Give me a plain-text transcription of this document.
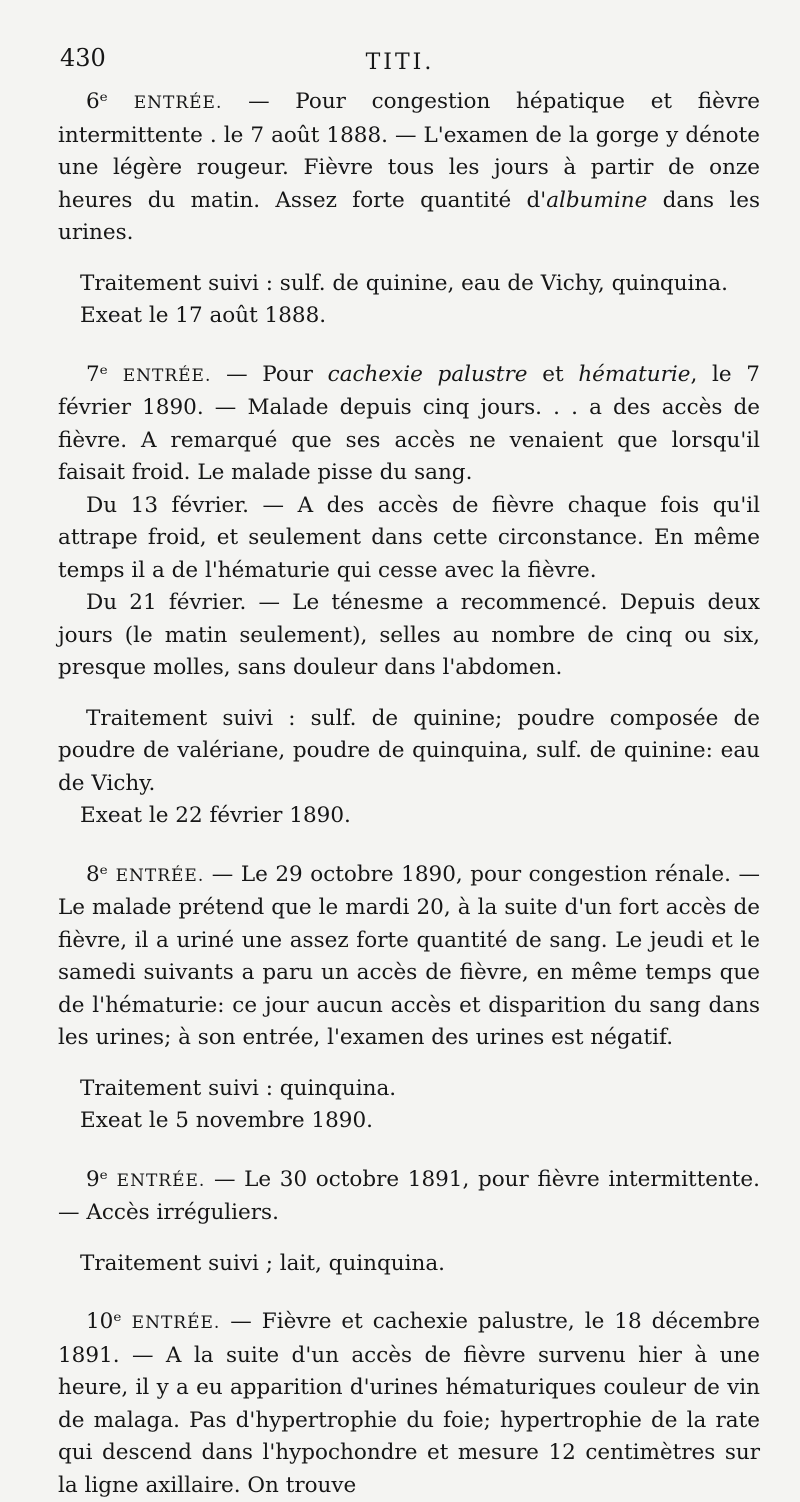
430	TITI.

6ᵉ ENTRÉE. — Pour congestion hépatique et fièvre intermittente . le 7 août 1888. — L'examen de la gorge y dénote une légère rougeur. Fièvre tous les jours à partir de onze heures du matin. Assez forte quantité d'albumine dans les urines.

Traitement suivi : sulf. de quinine, eau de Vichy, quinquina.

Exeat le 17 août 1888.

7ᵉ ENTRÉE. — Pour cachexie palustre et hématurie, le 7 février 1890. — Malade depuis cinq jours. . . a des accès de fièvre. A remarqué que ses accès ne venaient que lorsqu'il faisait froid. Le malade pisse du sang.

Du 13 février. — A des accès de fièvre chaque fois qu'il attrape froid, et seulement dans cette circonstance. En même temps il a de l'hématurie qui cesse avec la fièvre.

Du 21 février. — Le ténesme a recommencé. Depuis deux jours (le matin seulement), selles au nombre de cinq ou six, presque molles, sans douleur dans l'abdomen.

Traitement suivi : sulf. de quinine; poudre composée de poudre de valériane, poudre de quinquina, sulf. de quinine: eau de Vichy.

Exeat le 22 février 1890.

8ᵉ ENTRÉE. — Le 29 octobre 1890, pour congestion rénale. — Le malade prétend que le mardi 20, à la suite d'un fort accès de fièvre, il a uriné une assez forte quantité de sang. Le jeudi et le samedi suivants a paru un accès de fièvre, en même temps que de l'hématurie: ce jour aucun accès et disparition du sang dans les urines; à son entrée, l'examen des urines est négatif.

Traitement suivi : quinquina.

Exeat le 5 novembre 1890.

9ᵉ ENTRÉE. — Le 30 octobre 1891, pour fièvre intermittente. — Accès irréguliers.

Traitement suivi ; lait, quinquina.

10ᵉ ENTRÉE. — Fièvre et cachexie palustre, le 18 décembre 1891. — A la suite d'un accès de fièvre survenu hier à une heure, il y a eu apparition d'urines hématuriques couleur de vin de malaga. Pas d'hypertrophie du foie; hypertrophie de la rate qui descend dans l'hypochondre et mesure 12 centimètres sur la ligne axillaire. On trouve
